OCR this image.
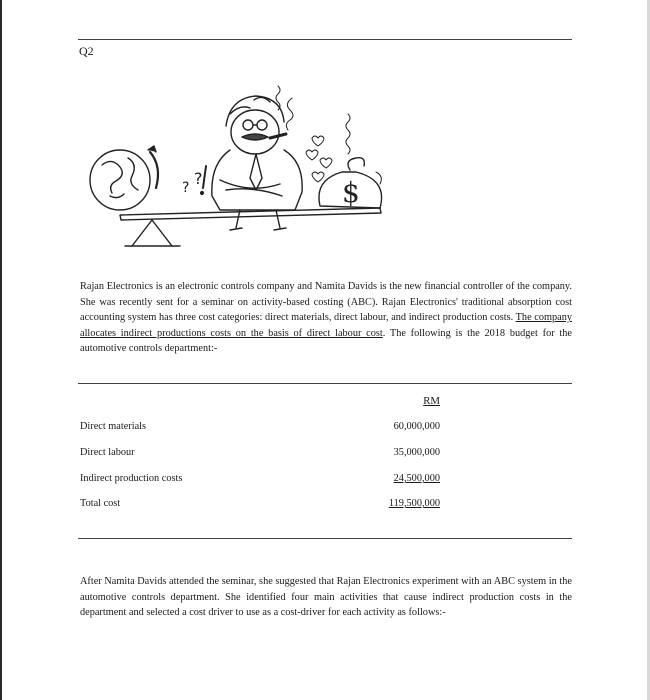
Q2
? ?	$
Rajan Electronics is an electronic controls company and Namita Davids is the new financial controller of the company. She was recently sent for a seminar on activity-based costing (ABC). Rajan Electronics' traditional absorption cost accounting system has three cost categories: direct materials, direct labour, and indirect production costs. The company allocates indirect productions costs on the basis of direct labour cost. The following is the 2018 budget for the automotive controls department:-
RM
Direct materials	60,000,000
Direct labour	35,000,000
Indirect production costs	24,500,000
Total cost	119,500,000
After Namita Davids attended the seminar, she suggested that Rajan Electronics experiment with an ABC system in the automotive controls department. She identified four main activities that cause indirect production costs in the department and selected a cost driver to use as a cost-driver for each activity as follows:-
